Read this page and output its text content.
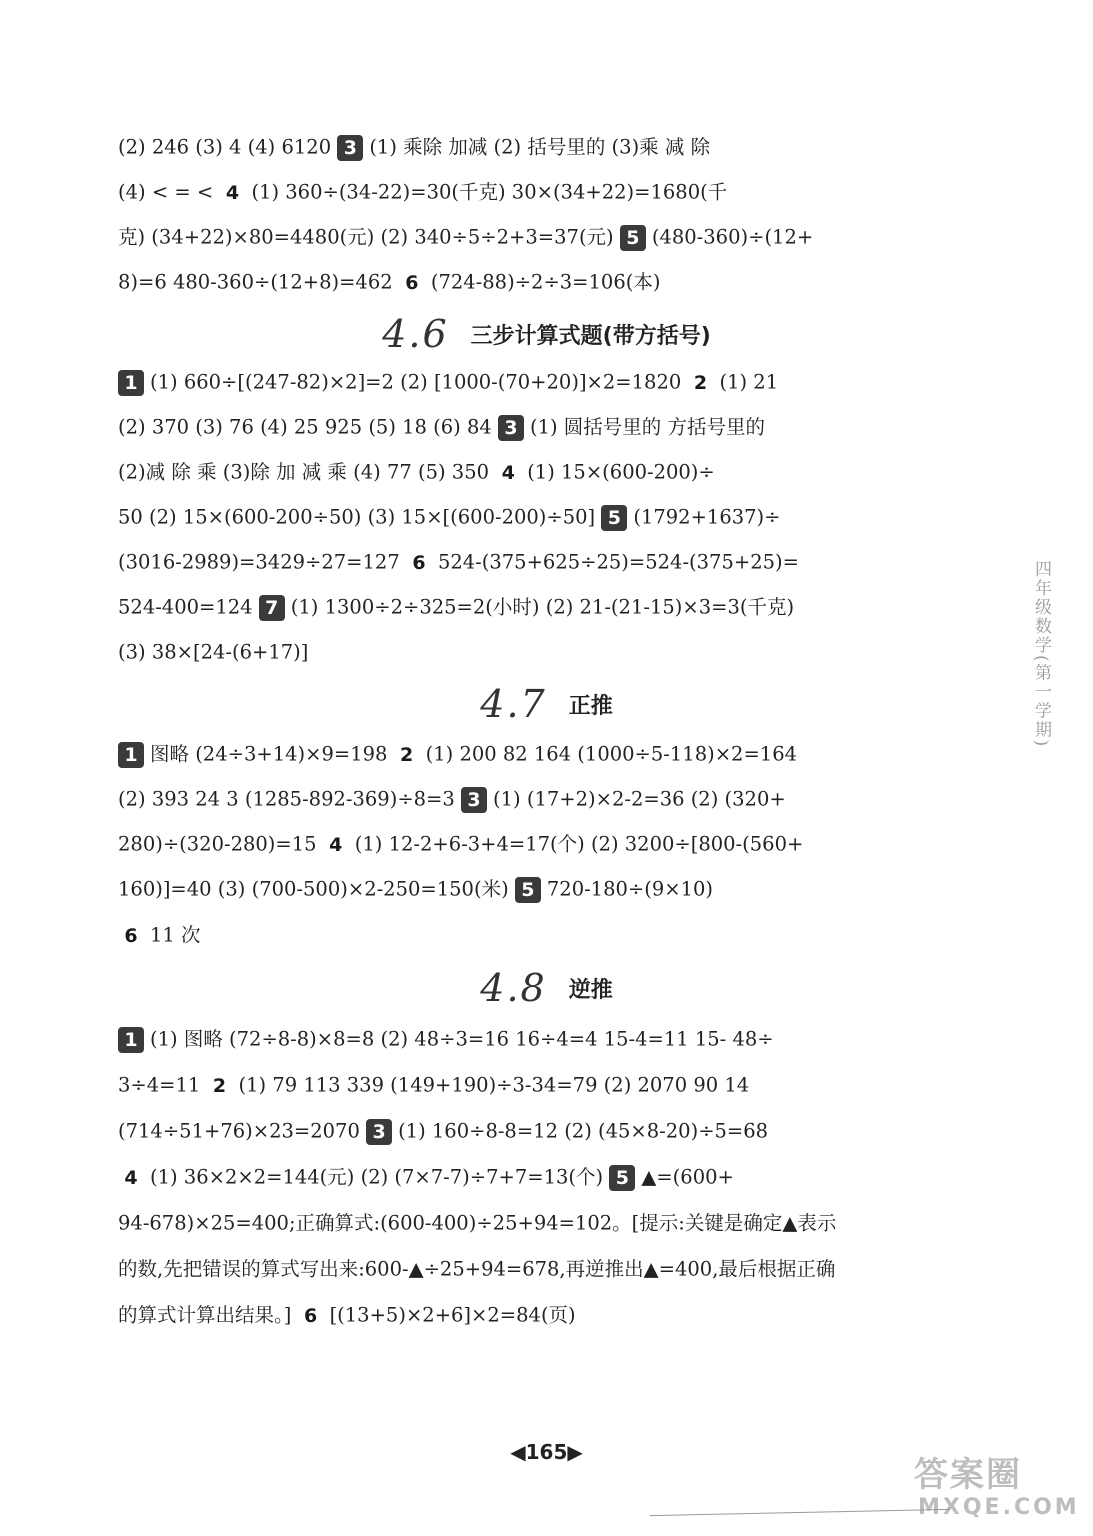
(2) 246 (3) 4 (4) 6120 3 (1) 乘除 加减 (2) 括号里的 (3)乘 减 除
(4) < = < 4 (1) 360÷(34-22)=30(千克) 30×(34+22)=1680(千
克) (34+22)×80=4480(元) (2) 340÷5÷2+3=37(元) 5 (480-360)÷(12+
8)=6 480-360÷(12+8)=462 6 (724-88)÷2÷3=106(本)
1 (1) 660÷[(247-82)×2]=2 (2) [1000-(70+20)]×2=1820 2 (1) 21
(2) 370 (3) 76 (4) 25 925 (5) 18 (6) 84 3 (1) 圆括号里的 方括号里的
(2)减 除 乘 (3)除 加 减 乘 (4) 77 (5) 350 4 (1) 15×(600-200)÷
50 (2) 15×(600-200÷50) (3) 15×[(600-200)÷50] 5 (1792+1637)÷
(3016-2989)=3429÷27=127 6 524-(375+625÷25)=524-(375+25)=
524-400=124 7 (1) 1300÷2÷325=2(小时) (2) 21-(21-15)×3=3(千克)
(3) 38×[24-(6+17)]
1 图略 (24÷3+14)×9=198 2 (1) 200 82 164 (1000÷5-118)×2=164
(2) 393 24 3 (1285-892-369)÷8=3 3 (1) (17+2)×2-2=36 (2) (320+
280)÷(320-280)=15 4 (1) 12-2+6-3+4=17(个) (2) 3200÷[800-(560+
160)]=40 (3) (700-500)×2-250=150(米) 5 720-180÷(9×10)
6 11 次
1 (1) 图略 (72÷8-8)×8=8 (2) 48÷3=16 16÷4=4 15-4=11 15- 48÷
3÷4=11 2 (1) 79 113 339 (149+190)÷3-34=79 (2) 2070 90 14
(714÷51+76)×23=2070 3 (1) 160÷8-8=12 (2) (45×8-20)÷5=68
4 (1) 36×2×2=144(元) (2) (7×7-7)÷7+7=13(个) 5 ▲=(600+
94-678)×25=400;正确算式:(600-400)÷25+94=102。[提示:关键是确定▲表示
的数,先把错误的算式写出来:600-▲÷25+94=678,再逆推出▲=400,最后根据正确
的算式计算出结果。] 6 [(13+5)×2+6]×2=84(页)
4.6 三步计算式题(带方括号)
4.7 正推
4.8 逆推
四年级数学(第一学期)
◀165▶
答案圈
MXQE.COM
